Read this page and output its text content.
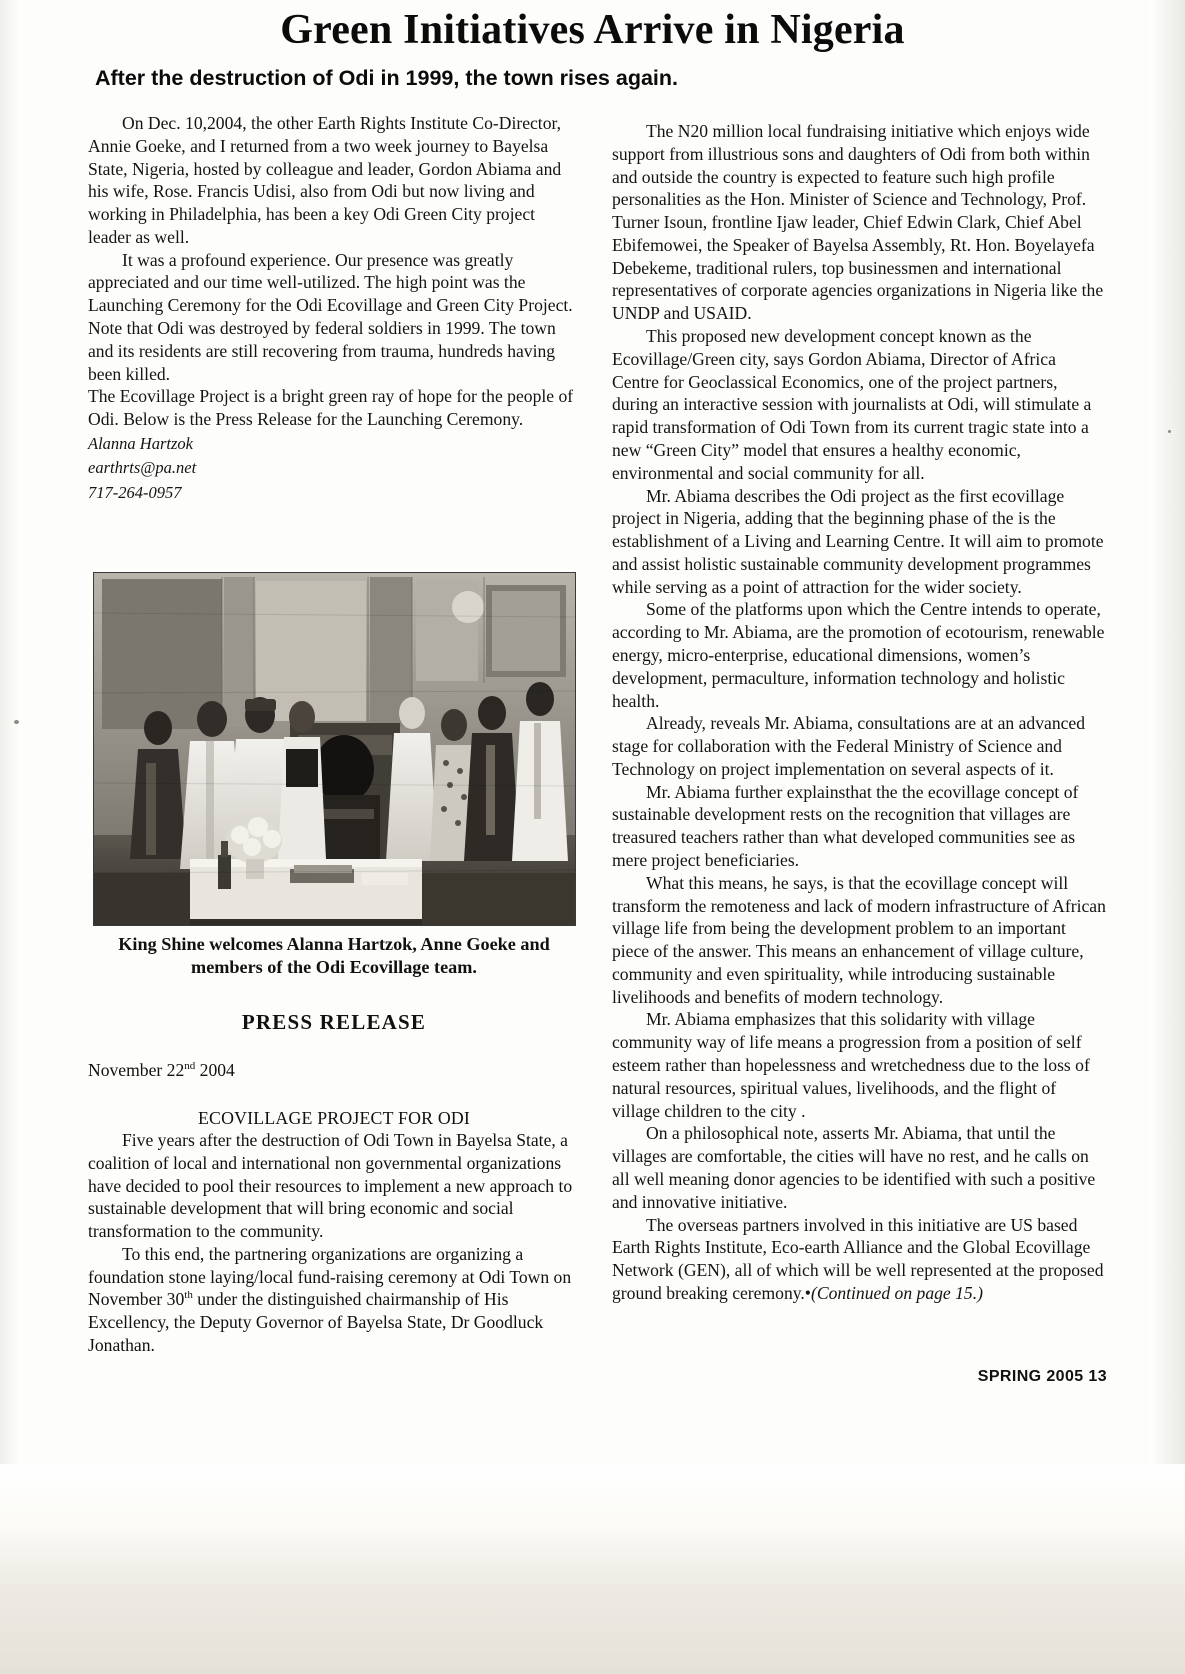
Green Initiatives Arrive in Nigeria
After the destruction of Odi in 1999, the town rises again.

On Dec. 10,2004, the other Earth Rights Institute Co-Director, Annie Goeke, and I returned from a two week journey to Bayelsa State, Nigeria, hosted by colleague and leader, Gordon Abiama and his wife, Rose. Francis Udisi, also from Odi but now living and working in Philadelphia, has been a key Odi Green City project leader as well.

It was a profound experience. Our presence was greatly appreciated and our time well-utilized. The high point was the Launching Ceremony for the Odi Ecovillage and Green City Project. Note that Odi was destroyed by federal soldiers in 1999. The town and its residents are still recovering from trauma, hundreds having been killed.

The Ecovillage Project is a bright green ray of hope for the people of Odi. Below is the Press Release for the Launching Ceremony.

Alanna Hartzok

earthrts@pa.net

717-264-0957

King Shine welcomes Alanna Hartzok, Anne Goeke and members of the Odi Ecovillage team.
PRESS RELEASE
November 22nd 2004
ECOVILLAGE PROJECT FOR ODI

Five years after the destruction of Odi Town in Bayelsa State, a coalition of local and international non governmental organizations have decided to pool their resources to implement a new approach to sustainable development that will bring economic and social transformation to the community.

To this end, the partnering organizations are organizing a foundation stone laying/local fund-raising ceremony at Odi Town on November 30th under the distinguished chairmanship of His Excellency, the Deputy Governor of Bayelsa State, Dr Goodluck Jonathan.

The N20 million local fundraising initiative which enjoys wide support from illustrious sons and daughters of Odi from both within and outside the country is expected to feature such high profile personalities as the Hon. Minister of Science and Technology, Prof. Turner Isoun, frontline Ijaw leader, Chief Edwin Clark, Chief Abel Ebifemowei, the Speaker of Bayelsa Assembly, Rt. Hon. Boyelayefa Debekeme, traditional rulers, top businessmen and international representatives of corporate agencies organizations in Nigeria like the UNDP and USAID.

This proposed new development concept known as the Ecovillage/Green city, says Gordon Abiama, Director of Africa Centre for Geoclassical Economics, one of the project partners, during an interactive session with journalists at Odi, will stimulate a rapid transformation of Odi Town from its current tragic state into a new “Green City” model that ensures a healthy economic, environmental and social community for all.

Mr. Abiama describes the Odi project as the first ecovillage project in Nigeria, adding that the beginning phase of the is the establishment of a Living and Learning Centre. It will aim to promote and assist holistic sustainable community development programmes while serving as a point of attraction for the wider society.

Some of the platforms upon which the Centre intends to operate, according to Mr. Abiama, are the promotion of ecotourism, renewable energy, micro-enterprise, educational dimensions, women’s development, permaculture, information technology and holistic health.

Already, reveals Mr. Abiama, consultations are at an advanced stage for collaboration with the Federal Ministry of Science and Technology on project implementation on several aspects of it.

Mr. Abiama further explainsthat the the ecovillage concept of sustainable development rests on the recognition that villages are treasured teachers rather than what developed communities see as mere project beneficiaries.

What this means, he says, is that the ecovillage concept will transform the remoteness and lack of modern infrastructure of African village life from being the development problem to an important piece of the answer. This means an enhancement of village culture, community and even spirituality, while introducing sustainable livelihoods and benefits of modern technology.

Mr. Abiama emphasizes that this solidarity with village community way of life means a progression from a position of self esteem rather than hopelessness and wretchedness due to the loss of natural resources, spiritual values, livelihoods, and the flight of village children to the city .

On a philosophical note, asserts Mr. Abiama, that until the villages are comfortable, the cities will have no rest, and he calls on all well meaning donor agencies to be identified with such a positive and innovative initiative.

The overseas partners involved in this initiative are US based Earth Rights Institute, Eco-earth Alliance and the Global Ecovillage Network (GEN), all of which will be well represented at the proposed ground breaking ceremony.•(Continued on page 15.)

SPRING 2005 13
